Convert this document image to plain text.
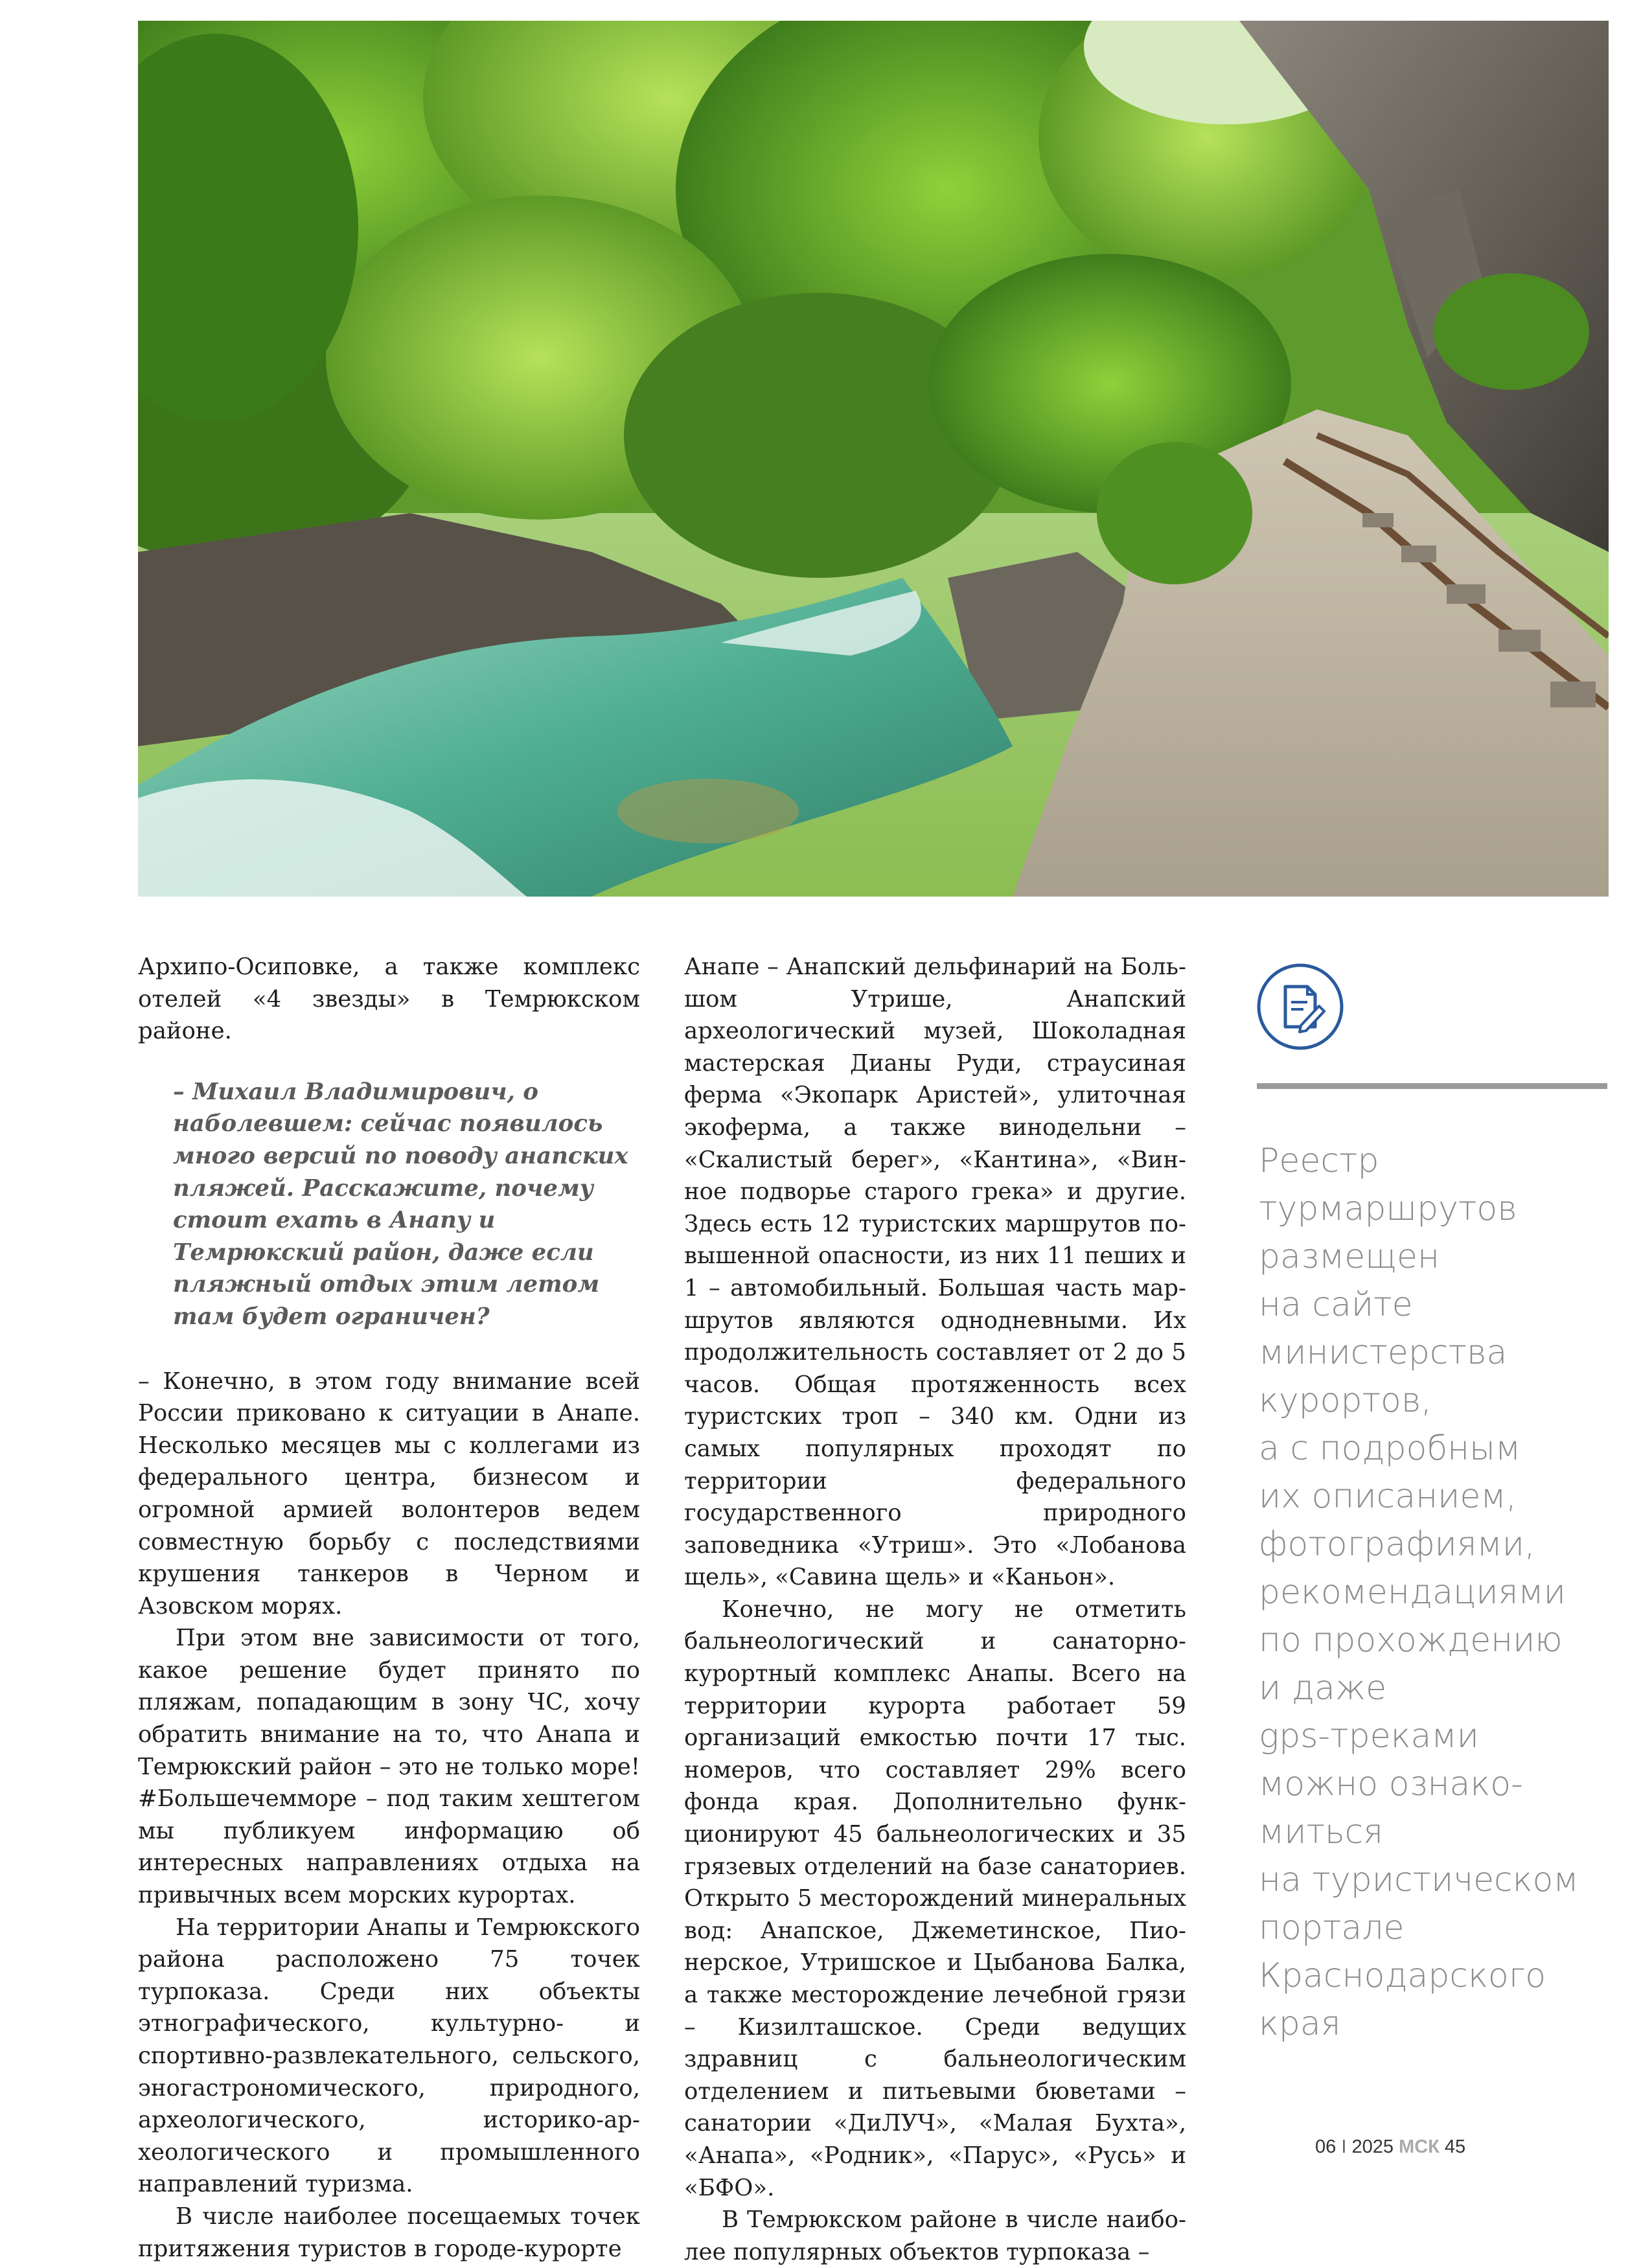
Архипо-Осиповке, а также комплекс отелей «4 звезды» в Темрюкском районе.

– Михаил Владимирович, о наболевшем: сейчас появилось много версий по поводу анапских пляжей. Расскажите, почему стоит ехать в Анапу и Темрюкский район, даже если пляжный отдых этим летом там будет ограничен?

– Конечно, в этом году внимание всей России приковано к ситуации в Анапе. Несколько месяцев мы с коллегами из федерального центра, бизнесом и огромной армией волонтеров ведем совместную борьбу с последствиями крушения танкеров в Черном и Азовском морях.

При этом вне зависимости от того, какое решение будет принято по пляжам, попадающим в зону ЧС, хочу обратить внимание на то, что Анапа и Темрюкский район – это не только море! #Большечемморе – под таким хештегом мы публикуем информацию об интересных направлениях отдыха на привычных всем морских курортах.

На территории Анапы и Темрюкского района расположено 75 точек турпоказа. Среди них объекты этнографического, культурно- и спортивно-развлекательного, сельского, эногастрономического, природного, археологического, историко-археологического и промышленного направлений туризма.

В числе наиболее посещаемых точек притяжения туристов в городе-курорте

Анапе – Анапский дельфинарий на Большом Утрише, Анапский археологический музей, Шоколадная мастерская Дианы Руди, страусиная ферма «Экопарк Аристей», улиточная экоферма, а также винодельни – «Скалистый берег», «Кантина», «Винное подворье старого грека» и другие. Здесь есть 12 туристских маршрутов повышенной опасности, из них 11 пеших и 1 – автомобильный. Большая часть маршрутов являются однодневными. Их продолжительность составляет от 2 до 5 часов. Общая протяженность всех туристских троп – 340 км. Одни из самых популярных проходят по территории федерального государственного природного заповедника «Утриш». Это «Лобанова щель», «Савина щель» и «Каньон».

Конечно, не могу не отметить бальнеологический и санаторно-курортный комплекс Анапы. Всего на территории курорта работает 59 организаций емкостью почти 17 тыс. номеров, что составляет 29% всего фонда края. Дополнительно функционируют 45 бальнеологических и 35 грязевых отделений на базе санаториев. Открыто 5 месторождений минеральных вод: Анапское, Джеметинское, Пионерское, Утришское и Цыбанова Балка, а также месторождение лечебной грязи – Кизилташское. Среди ведущих здравниц с бальнеологическим отделением и питьевыми бюветами – санатории «ДиЛУЧ», «Малая Бухта», «Анапа», «Родник», «Парус», «Русь» и «БФО».

В Темрюкском районе в числе наиболее популярных объектов турпоказа –

Реестр
турмаршрутов
размещен
на сайте
министерства
курортов,
а с подробным
их описанием,
фотографиями,
рекомендациями
по прохождению
и даже
gps-треками
можно ознако-
миться
на туристическом
портале
Краснодарского
края
06 I 2025 МСК 45
